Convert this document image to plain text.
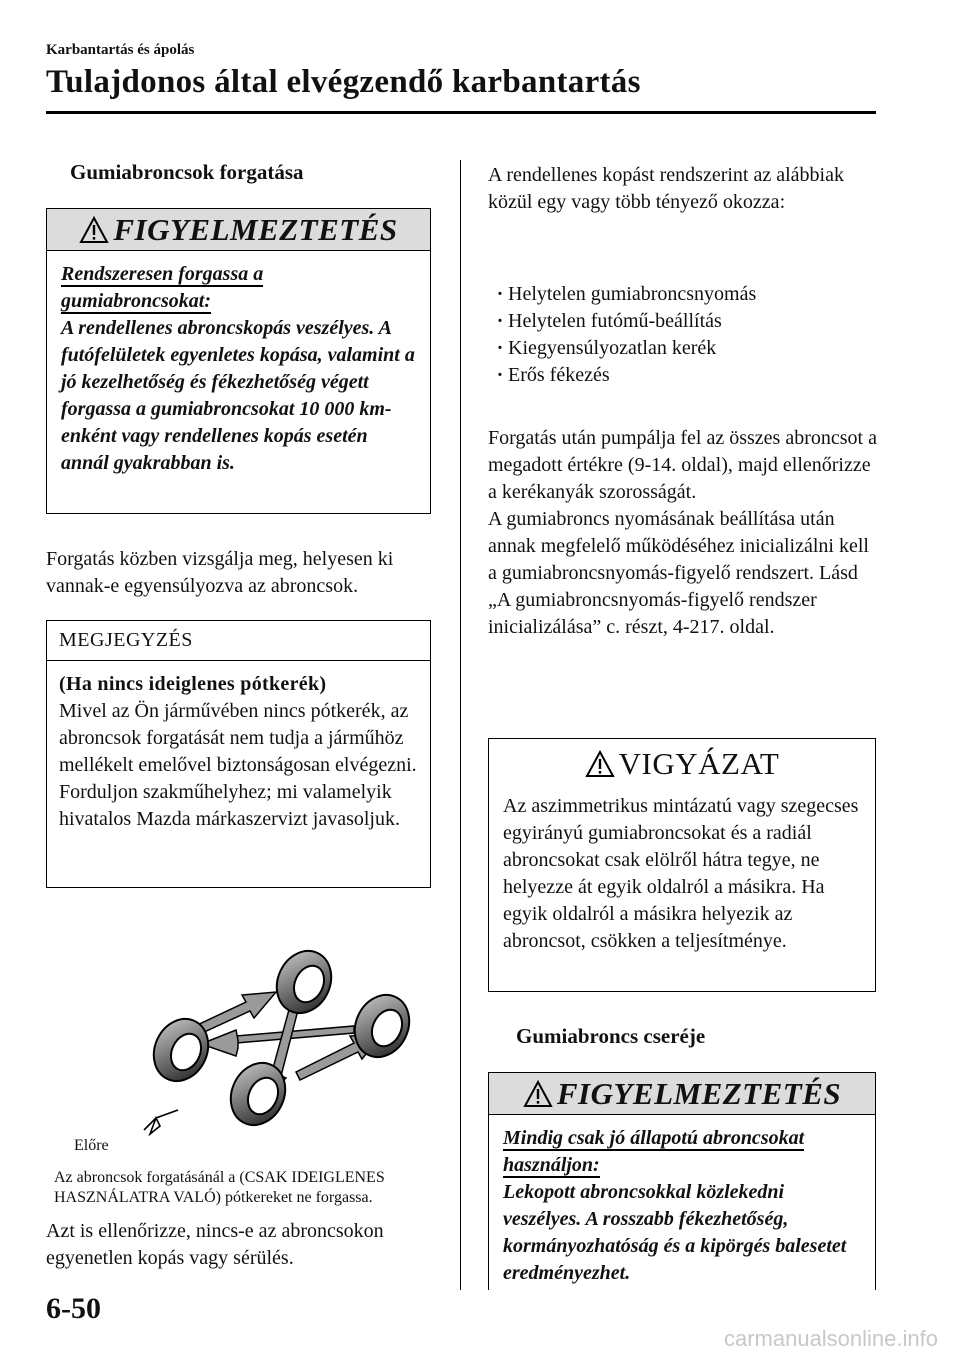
Karbantartás és ápolás
Tulajdonos által elvégzendő karbantartás
Gumiabroncsok forgatása
FIGYELMEZTETÉS
Rendszeresen forgassa a gumiabroncsokat:
A rendellenes abroncskopás veszélyes. A futófelületek egyenletes kopása, valamint a jó kezelhetőség és fékezhetőség végett forgassa a gumiabroncsokat 10 000 km-enként vagy rendellenes kopás esetén annál gyakrabban is.
Forgatás közben vizsgálja meg, helyesen ki vannak-e egyensúlyozva az abroncsok.
MEGJEGYZÉS
(Ha nincs ideiglenes pótkerék)
Mivel az Ön járművében nincs pótkerék, az abroncsok forgatását nem tudja a járműhöz mellékelt emelővel biztonságosan elvégezni. Forduljon szakműhelyhez; mi valamelyik hivatalos Mazda márkaszervizt javasoljuk.
Előre
Az abroncsok forgatásánál a (CSAK IDEIGLENES HASZNÁLATRA VALÓ) pótkereket ne forgassa.
Azt is ellenőrizze, nincs-e az abroncsokon egyenetlen kopás vagy sérülés.
A rendellenes kopást rendszerint az alábbiak közül egy vagy több tényező okozza:
· Helytelen gumiabroncsnyomás
· Helytelen futómű-beállítás
· Kiegyensúlyozatlan kerék
· Erős fékezés
Forgatás után pumpálja fel az összes abroncsot a megadott értékre (9-14. oldal), majd ellenőrizze a kerékanyák szorosságát.
A gumiabroncs nyomásának beállítása után annak megfelelő működéséhez inicializálni kell a gumiabroncsnyomás-figyelő rendszert. Lásd „A gumiabroncsnyomás-figyelő rendszer inicializálása” c. részt, 4-217. oldal.
VIGYÁZAT
Az aszimmetrikus mintázatú vagy szegecses egyirányú gumiabroncsokat és a radiál abroncsokat csak elölről hátra tegye, ne helyezze át egyik oldalról a másikra. Ha egyik oldalról a másikra helyezik az abroncsot, csökken a teljesítménye.
Gumiabroncs cseréje
FIGYELMEZTETÉS
Mindig csak jó állapotú abroncsokat használjon:
Lekopott abroncsokkal közlekedni veszélyes. A rosszabb fékezhetőség, kormányozhatóság és a kipörgés balesetet eredményezhet.
6-50
carmanualsonline.info
